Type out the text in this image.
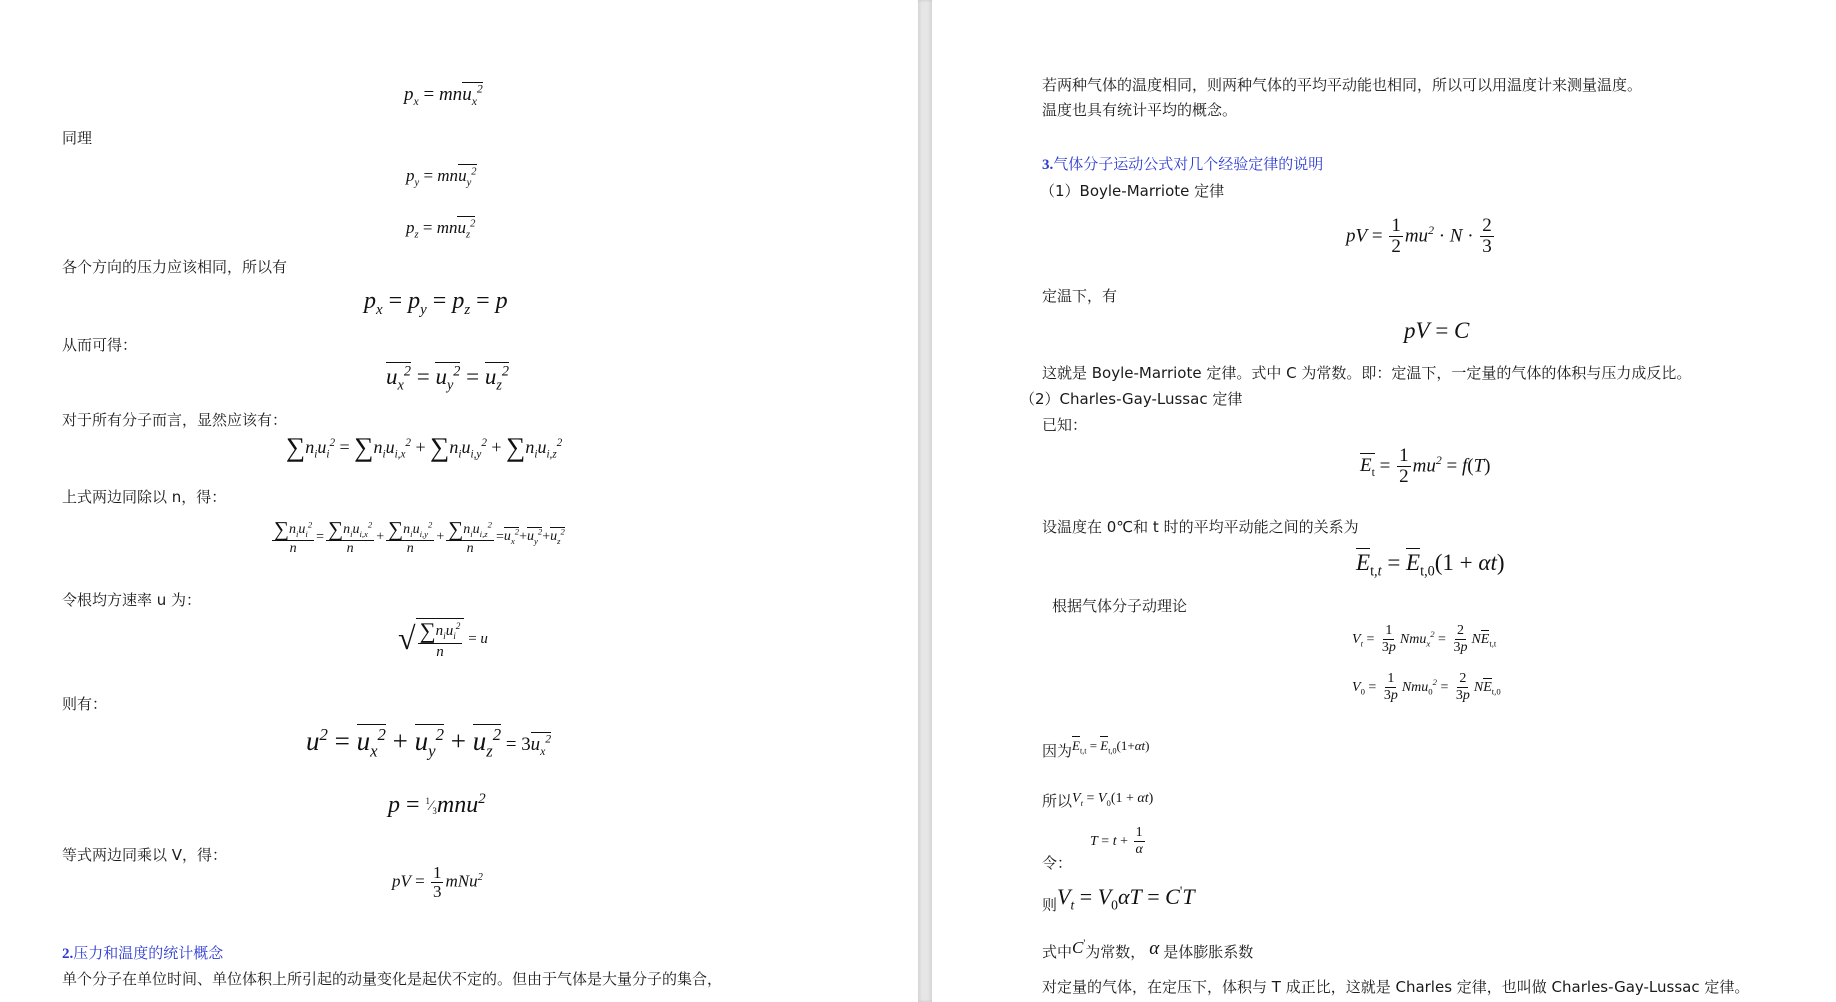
$p_x = mnu_x^2$
同理
$p_y = mnu_y^2$
$p_z = mnu_z^2$
各个方向的压力应该相同，所以有
$p_x = p_y = p_z = p$
从而可得：
$u_x^2 = u_y^2 = u_z^2$
对于所有分子而言，显然应该有：
$\sum n_iu_i^2 = \sum n_iu_{i,x}^2 + \sum n_iu_{i,y}^2 + \sum n_iu_{i,z}^2$
上式两边同除以 n，得：
$\frac{\sum n_iu_i^2}{n} = \frac{\sum n_iu_{i,x}^2}{n} + \frac{\sum n_iu_{i,y}^2}{n} + \frac{\sum n_iu_{i,z}^2}{n} =u_x^2+u_y^2+u_z^2$
令根均方速率 u 为：
√ $\frac{\sum n_iu_i^2}{n} = u$
则有：
$u^2 = u_x^2 + u_y^2 + u_z^2 = 3u_x^2$
$p = ^1⁄_3mnu^2$
等式两边同乘以 V，得：
pV = $\frac{1}{3} mNu^2$
2.压力和温度的统计概念
单个分子在单位时间、单位体积上所引起的动量变化是起伏不定的。但由于气体是大量分子的集合，
若两种气体的温度相同，则两种气体的平均平动能也相同，所以可以用温度计来测量温度。
温度也具有统计平均的概念。
3.气体分子运动公式对几个经验定律的说明
（1）Boyle-Marriote 定律
pV = $\frac{1}{2} mu^2 \cdot N \cdot \frac{2}{3}$
定温下，有
pV = C
这就是 Boyle-Marriote 定律。式中 C 为常数。即：定温下，一定量的气体的体积与压力成反比。
（2）Charles-Gay-Lussac 定律
已知：
$E_t = \frac{1}{2} mu^2 = f(T)$
设温度在 0℃和 t 时的平均平动能之间的关系为
$E_{t,t} = E_{t,0}(1 + \alpha t)$
根据气体分子动理论
$V_t = \frac{1}{3p} Nmu_x^2 = \frac{2}{3p} NE_{t,t}$
$V_0 = \frac{1}{3p} Nmu_0^2 = \frac{2}{3p} NE_{t,0}$
因为$E_{t,t} = E_{t,0}(1+\alpha t)$
所以$V_t = V_0(1 + \alpha t)$
$T = t + \frac{1}{\alpha}$
令：
则$V_t = V_0\alpha T = C'T$
式中C'为常数， α 是体膨胀系数
对定量的气体，在定压下，体积与 T 成正比，这就是 Charles 定律，也叫做 Charles-Gay-Lussac 定律。
